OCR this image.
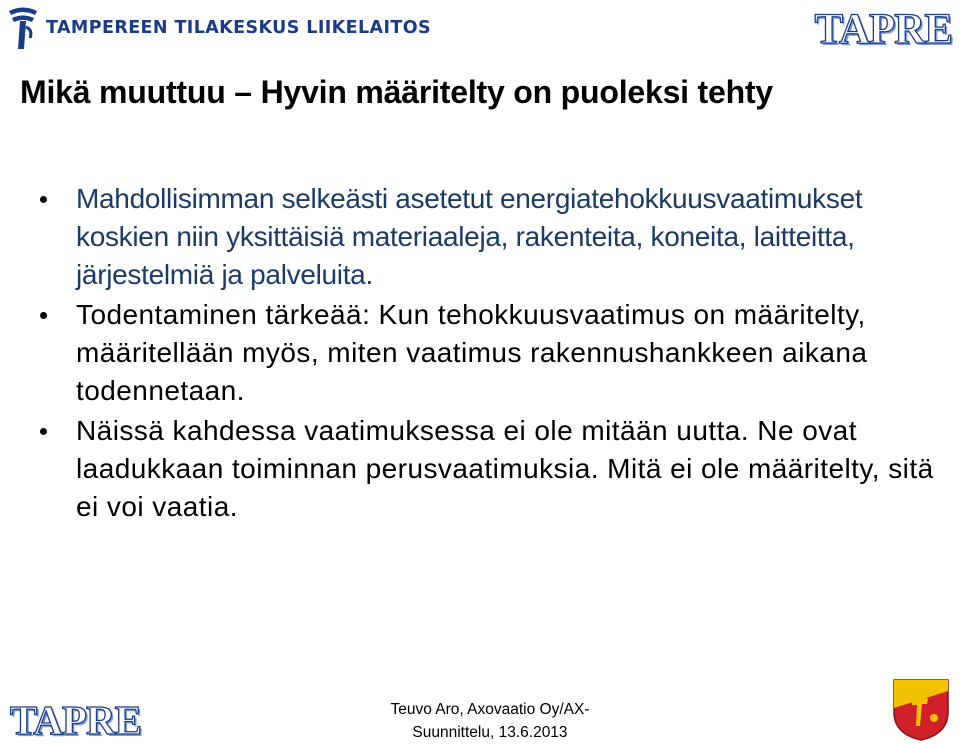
TAMPEREEN TILAKESKUS LIIKELAITOS	TAPRE
Mikä muuttuu – Hyvin määritelty on puoleksi tehty
Mahdollisimman selkeästi asetetut energiatehokkuusvaatimukset koskien niin yksittäisiä materiaaleja, rakenteita, koneita, laitteitta, järjestelmiä ja palveluita.
Todentaminen tärkeää: Kun tehokkuusvaatimus on määritelty, määritellään myös, miten vaatimus rakennushankkeen aikana todennetaan.
Näissä kahdessa vaatimuksessa ei ole mitään uutta. Ne ovat laadukkaan toiminnan perusvaatimuksia. Mitä ei ole määritelty, sitä ei voi vaatia.
TAPRE	Teuvo Aro, Axovaatio Oy/AX-
Suunnittelu, 13.6.2013
